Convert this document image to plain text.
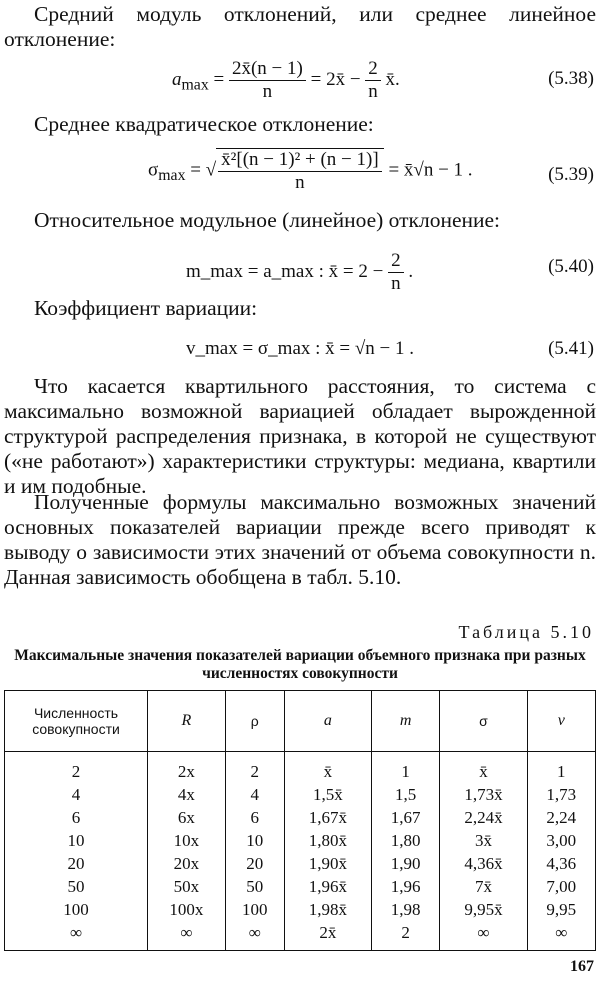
Средний модуль отклонений, или среднее линейное отклонение:

$a_{max} = \frac{2x̄(n - 1)}{n}$ = 2x̄ − $\frac{2}{n}$ x̄.	(5.38)

Среднее квадратическое отклонение:

$\sigma_{max}$ = √ $\frac{\text{x̄²[(n − 1)² + (n − 1)]}}{n}$ = x̄√n − 1 .	(5.39)

Относительное модульное (линейное) отклонение:

m_max = a_max : x̄ = $2 - \frac{2}{n}$ .	(5.40)

Коэффициент вариации:

v_max = σ_max : x̄ = √n − 1 .	(5.41)

Что касается квартильного расстояния, то система с максимально возможной вариацией обладает вырожденной структурой распределения признака, в которой не существуют («не работают») характеристики структуры: медиана, квартили и им подобные.

Полученные формулы максимально возможных значений основных показателей вариации прежде всего приводят к выводу о зависимости этих значений от объема совокупности n. Данная зависимость обобщена в табл. 5.10.

Таблица 5.10
Максимальные значения показателей вариации объемного признака при разных численностях совокупности
Численность совокупности	R	ρ	a	m	σ	v
2	2x	2	x̄	1	x̄	1
4	4x	4	1,5x̄	1,5	1,73x̄	1,73
6	6x	6	1,67x̄	1,67	2,24x̄	2,24
10	10x	10	1,80x̄	1,80	3x̄	3,00
20	20x	20	1,90x̄	1,90	4,36x̄	4,36
50	50x	50	1,96x̄	1,96	7x̄	7,00
100	100x	100	1,98x̄	1,98	9,95x̄	9,95
∞	∞	∞	2x̄	2	∞	∞
167
